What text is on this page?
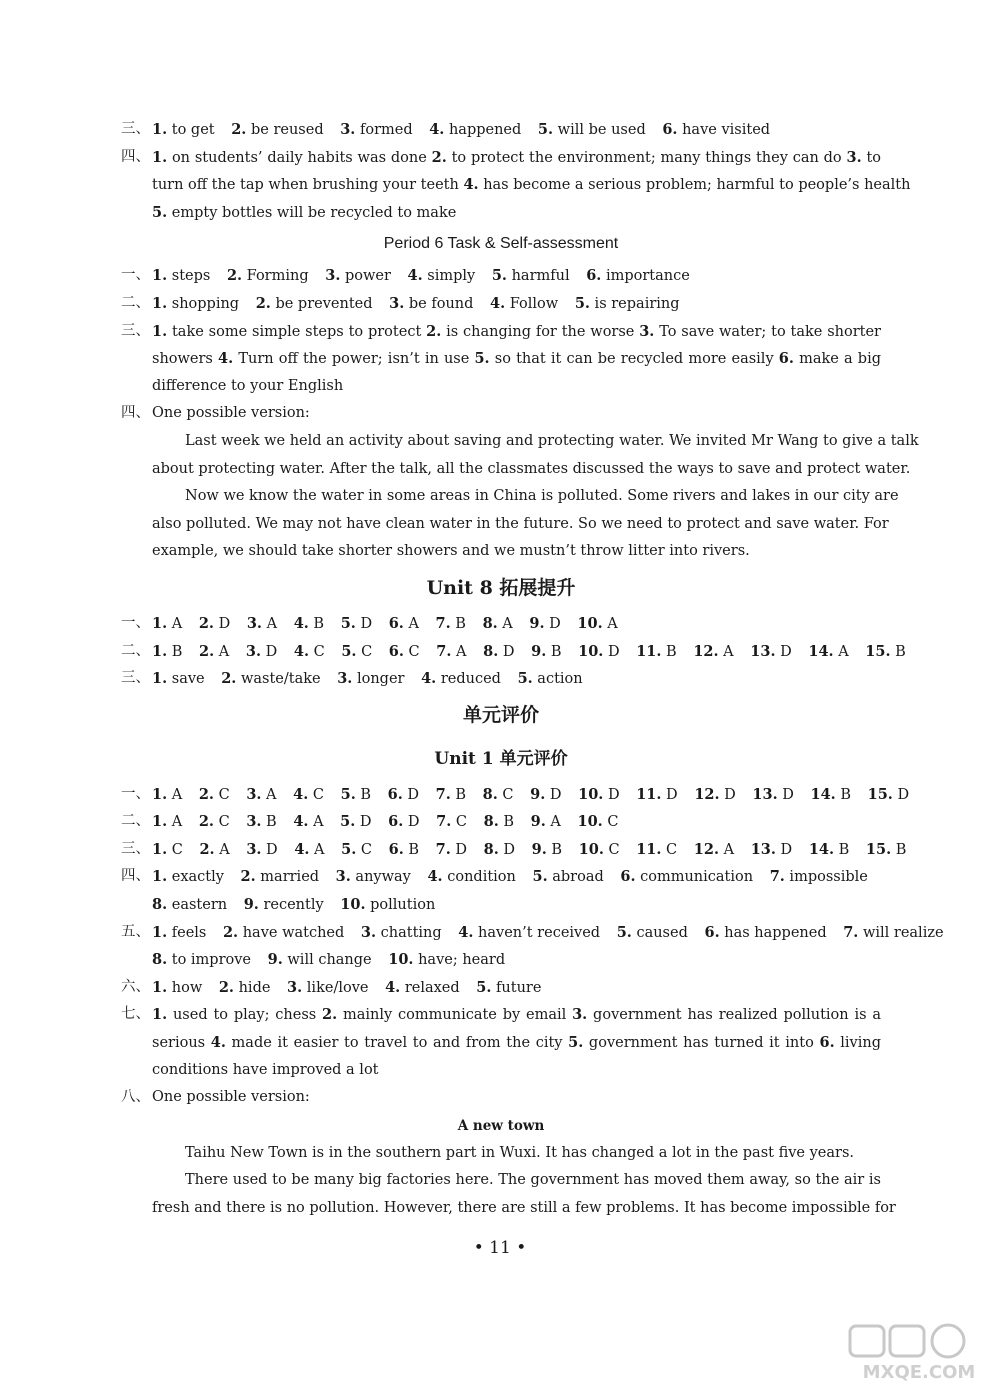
三、 1. to get 2. be reused 3. formed 4. happened 5. will be used 6. have visited
四、 1. on students’ daily habits was done 2. to protect the environment; many things they can do 3. to
turn off the tap when brushing your teeth 4. has become a serious problem; harmful to people’s health
5. empty bottles will be recycled to make
Period 6 Task & Self-assessment
一、 1. steps 2. Forming 3. power 4. simply 5. harmful 6. importance
二、 1. shopping 2. be prevented 3. be found 4. Follow 5. is repairing
三、 1. take some simple steps to protect 2. is changing for the worse 3. To save water; to take shorter
showers 4. Turn off the power; isn’t in use 5. so that it can be recycled more easily 6. make a big
difference to your English
四、 One possible version:
Last week we held an activity about saving and protecting water. We invited Mr Wang to give a talk
about protecting water. After the talk, all the classmates discussed the ways to save and protect water.
Now we know the water in some areas in China is polluted. Some rivers and lakes in our city are
also polluted. We may not have clean water in the future. So we need to protect and save water. For
example, we should take shorter showers and we mustn’t throw litter into rivers.
Unit 8 拓展提升
一、 1. A 2. D 3. A 4. B 5. D 6. A 7. B 8. A 9. D 10. A
二、 1. B 2. A 3. D 4. C 5. C 6. C 7. A 8. D 9. B 10. D 11. B 12. A 13. D 14. A 15. B
三、 1. save 2. waste/take 3. longer 4. reduced 5. action
单元评价
Unit 1 单元评价
一、 1. A 2. C 3. A 4. C 5. B 6. D 7. B 8. C 9. D 10. D 11. D 12. D 13. D 14. B 15. D
二、 1. A 2. C 3. B 4. A 5. D 6. D 7. C 8. B 9. A 10. C
三、 1. C 2. A 3. D 4. A 5. C 6. B 7. D 8. D 9. B 10. C 11. C 12. A 13. D 14. B 15. B
四、 1. exactly 2. married 3. anyway 4. condition 5. abroad 6. communication 7. impossible
8. eastern 9. recently 10. pollution
五、 1. feels 2. have watched 3. chatting 4. haven’t received 5. caused 6. has happened 7. will realize
8. to improve 9. will change 10. have; heard
六、 1. how 2. hide 3. like/love 4. relaxed 5. future
七、 1. used to play; chess 2. mainly communicate by email 3. government has realized pollution is a
serious 4. made it easier to travel to and from the city 5. government has turned it into 6. living
conditions have improved a lot
八、 One possible version:
A new town
Taihu New Town is in the southern part in Wuxi. It has changed a lot in the past five years.
There used to be many big factories here. The government has moved them away, so the air is
fresh and there is no pollution. However, there are still a few problems. It has become impossible for
• 11 •
MXQE.COM
